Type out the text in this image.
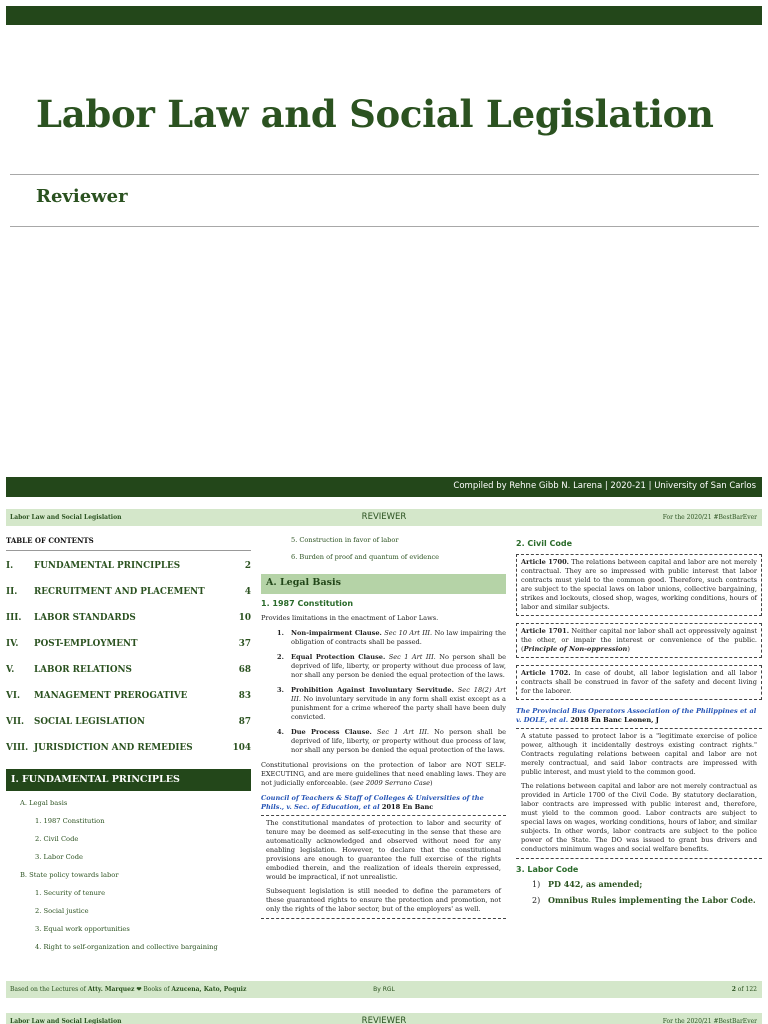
Labor Law and Social Legislation
Reviewer
Compiled by Rehne Gibb N. Larena | 2020-21 | University of San Carlos
Labor Law and Social Legislation	REVIEWER	For the 2020/21 #BestBarEver
TABLE OF CONTENTS
I.	FUNDAMENTAL PRINCIPLES	2
II.	RECRUITMENT AND PLACEMENT	4
III.	LABOR STANDARDS	10
IV.	POST-EMPLOYMENT	37
V.	LABOR RELATIONS	68
VI.	MANAGEMENT PREROGATIVE	83
VII.	SOCIAL LEGISLATION	87
VIII. JURISDICTION AND REMEDIES	104
I. FUNDAMENTAL PRINCIPLES
A. Legal basis
1. 1987 Constitution
2. Civil Code
3. Labor Code
B. State policy towards labor
1. Security of tenure
2. Social justice
3. Equal work opportunities
4. Right to self-organization and collective bargaining
5. Construction in favor of labor
6. Burden of proof and quantum of evidence
A. Legal Basis
1. 1987 Constitution
Provides limitations in the enactment of Labor Laws.
1.	Non-impairment Clause. Sec 10 Art III. No law impairing the obligation of contracts shall be passed.
2.	Equal Protection Clause. Sec 1 Art III. No person shall be deprived of life, liberty, or property without due process of law, nor shall any person be denied the equal protection of the laws.
3.	Prohibition Against Involuntary Servitude. Sec 18(2) Art III. No involuntary servitude in any form shall exist except as a punishment for a crime whereof the party shall have been duly convicted.
4.	Due Process Clause. Sec 1 Art III. No person shall be deprived of life, liberty, or property without due process of law, nor shall any person be denied the equal protection of the laws.
Constitutional provisions on the protection of labor are NOT SELF-EXECUTING, and are mere guidelines that need enabling laws. They are not judicially enforceable. (see 2009 Serrano Case)
Council of Teachers & Staff of Colleges & Universities of the Phils., v. Sec. of Education, et al 2018 En Banc
The constitutional mandates of protection to labor and security of tenure may be deemed as self-executing in the sense that these are automatically acknowledged and observed without need for any enabling legislation. However, to declare that the constitutional provisions are enough to guarantee the full exercise of the rights embodied therein, and the realization of ideals therein expressed, would be impractical, if not unrealistic.
Subsequent legislation is still needed to define the parameters of these guaranteed rights to ensure the protection and promotion, not only the rights of the labor sector, but of the employers' as well.
2. Civil Code
Article 1700. The relations between capital and labor are not merely contractual. They are so impressed with public interest that labor contracts must yield to the common good. Therefore, such contracts are subject to the special laws on labor unions, collective bargaining, strikes and lockouts, closed shop, wages, working conditions, hours of labor and similar subjects.
Article 1701. Neither capital nor labor shall act oppressively against the other, or impair the interest or convenience of the public. (Principle of Non-oppression)
Article 1702. In case of doubt, all labor legislation and all labor contracts shall be construed in favor of the safety and decent living for the laborer.
The Provincial Bus Operators Association of the Philippines et al v. DOLE, et al. 2018 En Banc Leonen, J
A statute passed to protect labor is a "legitimate exercise of police power, although it incidentally destroys existing contract rights." Contracts regulating relations between capital and labor are not merely contractual, and said labor contracts are impressed with public interest, and must yield to the common good.
The relations between capital and labor are not merely contractual as provided in Article 1700 of the Civil Code. By statutory declaration, labor contracts are impressed with public interest and, therefore, must yield to the common good. Labor contracts are subject to special laws on wages, working conditions, hours of labor, and similar subjects. In other words, labor contracts are subject to the police power of the State. The DO was issued to grant bus drivers and conductors minimum wages and social welfare benefits.
3. Labor Code
1) PD 442, as amended;
2) Omnibus Rules implementing the Labor Code.
Based on the Lectures of Atty. Marquez ❤ Books of Azucena, Kato, Poquiz	By RGL	2 of 122
Labor Law and Social Legislation	REVIEWER	For the 2020/21 #BestBarEver
